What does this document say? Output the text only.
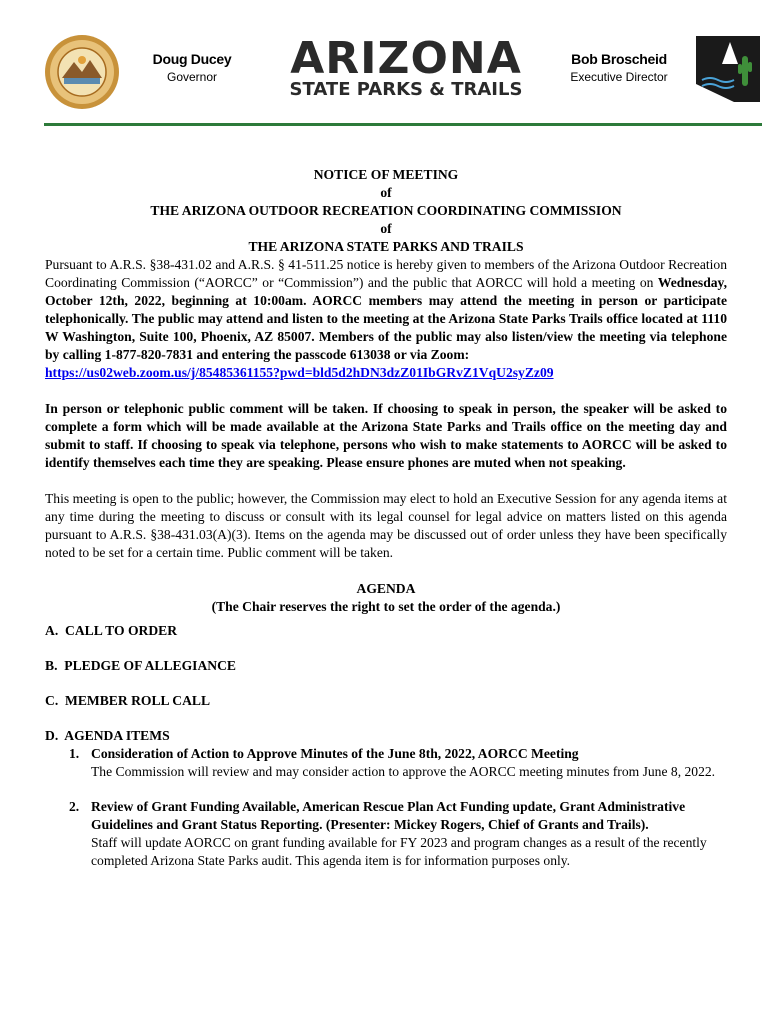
Doug Ducey
Governor	ARIZONA
STATE PARKS & TRAILS
Bob Broscheid
Executive Director
NOTICE OF MEETING
of
THE ARIZONA OUTDOOR RECREATION COORDINATING COMMISSION
of
THE ARIZONA STATE PARKS AND TRAILS

Pursuant to A.R.S. §38-431.02 and A.R.S. § 41-511.25 notice is hereby given to members of the Arizona Outdoor Recreation Coordinating Commission (“AORCC” or “Commission”) and the public that AORCC will hold a meeting on Wednesday, October 12th, 2022, beginning at 10:00am. AORCC members may attend the meeting in person or participate telephonically. The public may attend and listen to the meeting at the Arizona State Parks Trails office located at 1110 W Washington, Suite 100, Phoenix, AZ 85007. Members of the public may also listen/view the meeting via telephone by calling 1-877-820-7831 and entering the passcode 613038 or via Zoom:
https://us02web.zoom.us/j/85485361155?pwd=bld5d2hDN3dzZ01IbGRvZ1VqU2syZz09

In person or telephonic public comment will be taken. If choosing to speak in person, the speaker will be asked to complete a form which will be made available at the Arizona State Parks and Trails office on the meeting day and submit to staff. If choosing to speak via telephone, persons who wish to make statements to AORCC will be asked to identify themselves each time they are speaking. Please ensure phones are muted when not speaking.

This meeting is open to the public; however, the Commission may elect to hold an Executive Session for any agenda items at any time during the meeting to discuss or consult with its legal counsel for legal advice on matters listed on this agenda pursuant to A.R.S. §38-431.03(A)(3). Items on the agenda may be discussed out of order unless they have been specifically noted to be set for a certain time. Public comment will be taken.

AGENDA
(The Chair reserves the right to set the order of the agenda.)
A. CALL TO ORDER
B. PLEDGE OF ALLEGIANCE
C. MEMBER ROLL CALL
D. AGENDA ITEMS
1. Consideration of Action to Approve Minutes of the June 8th, 2022, AORCC Meeting
The Commission will review and may consider action to approve the AORCC meeting minutes from June 8, 2022.
2. Review of Grant Funding Available, American Rescue Plan Act Funding update, Grant Administrative Guidelines and Grant Status Reporting. (Presenter: Mickey Rogers, Chief of Grants and Trails).
Staff will update AORCC on grant funding available for FY 2023 and program changes as a result of the recently completed Arizona State Parks audit. This agenda item is for information purposes only.
